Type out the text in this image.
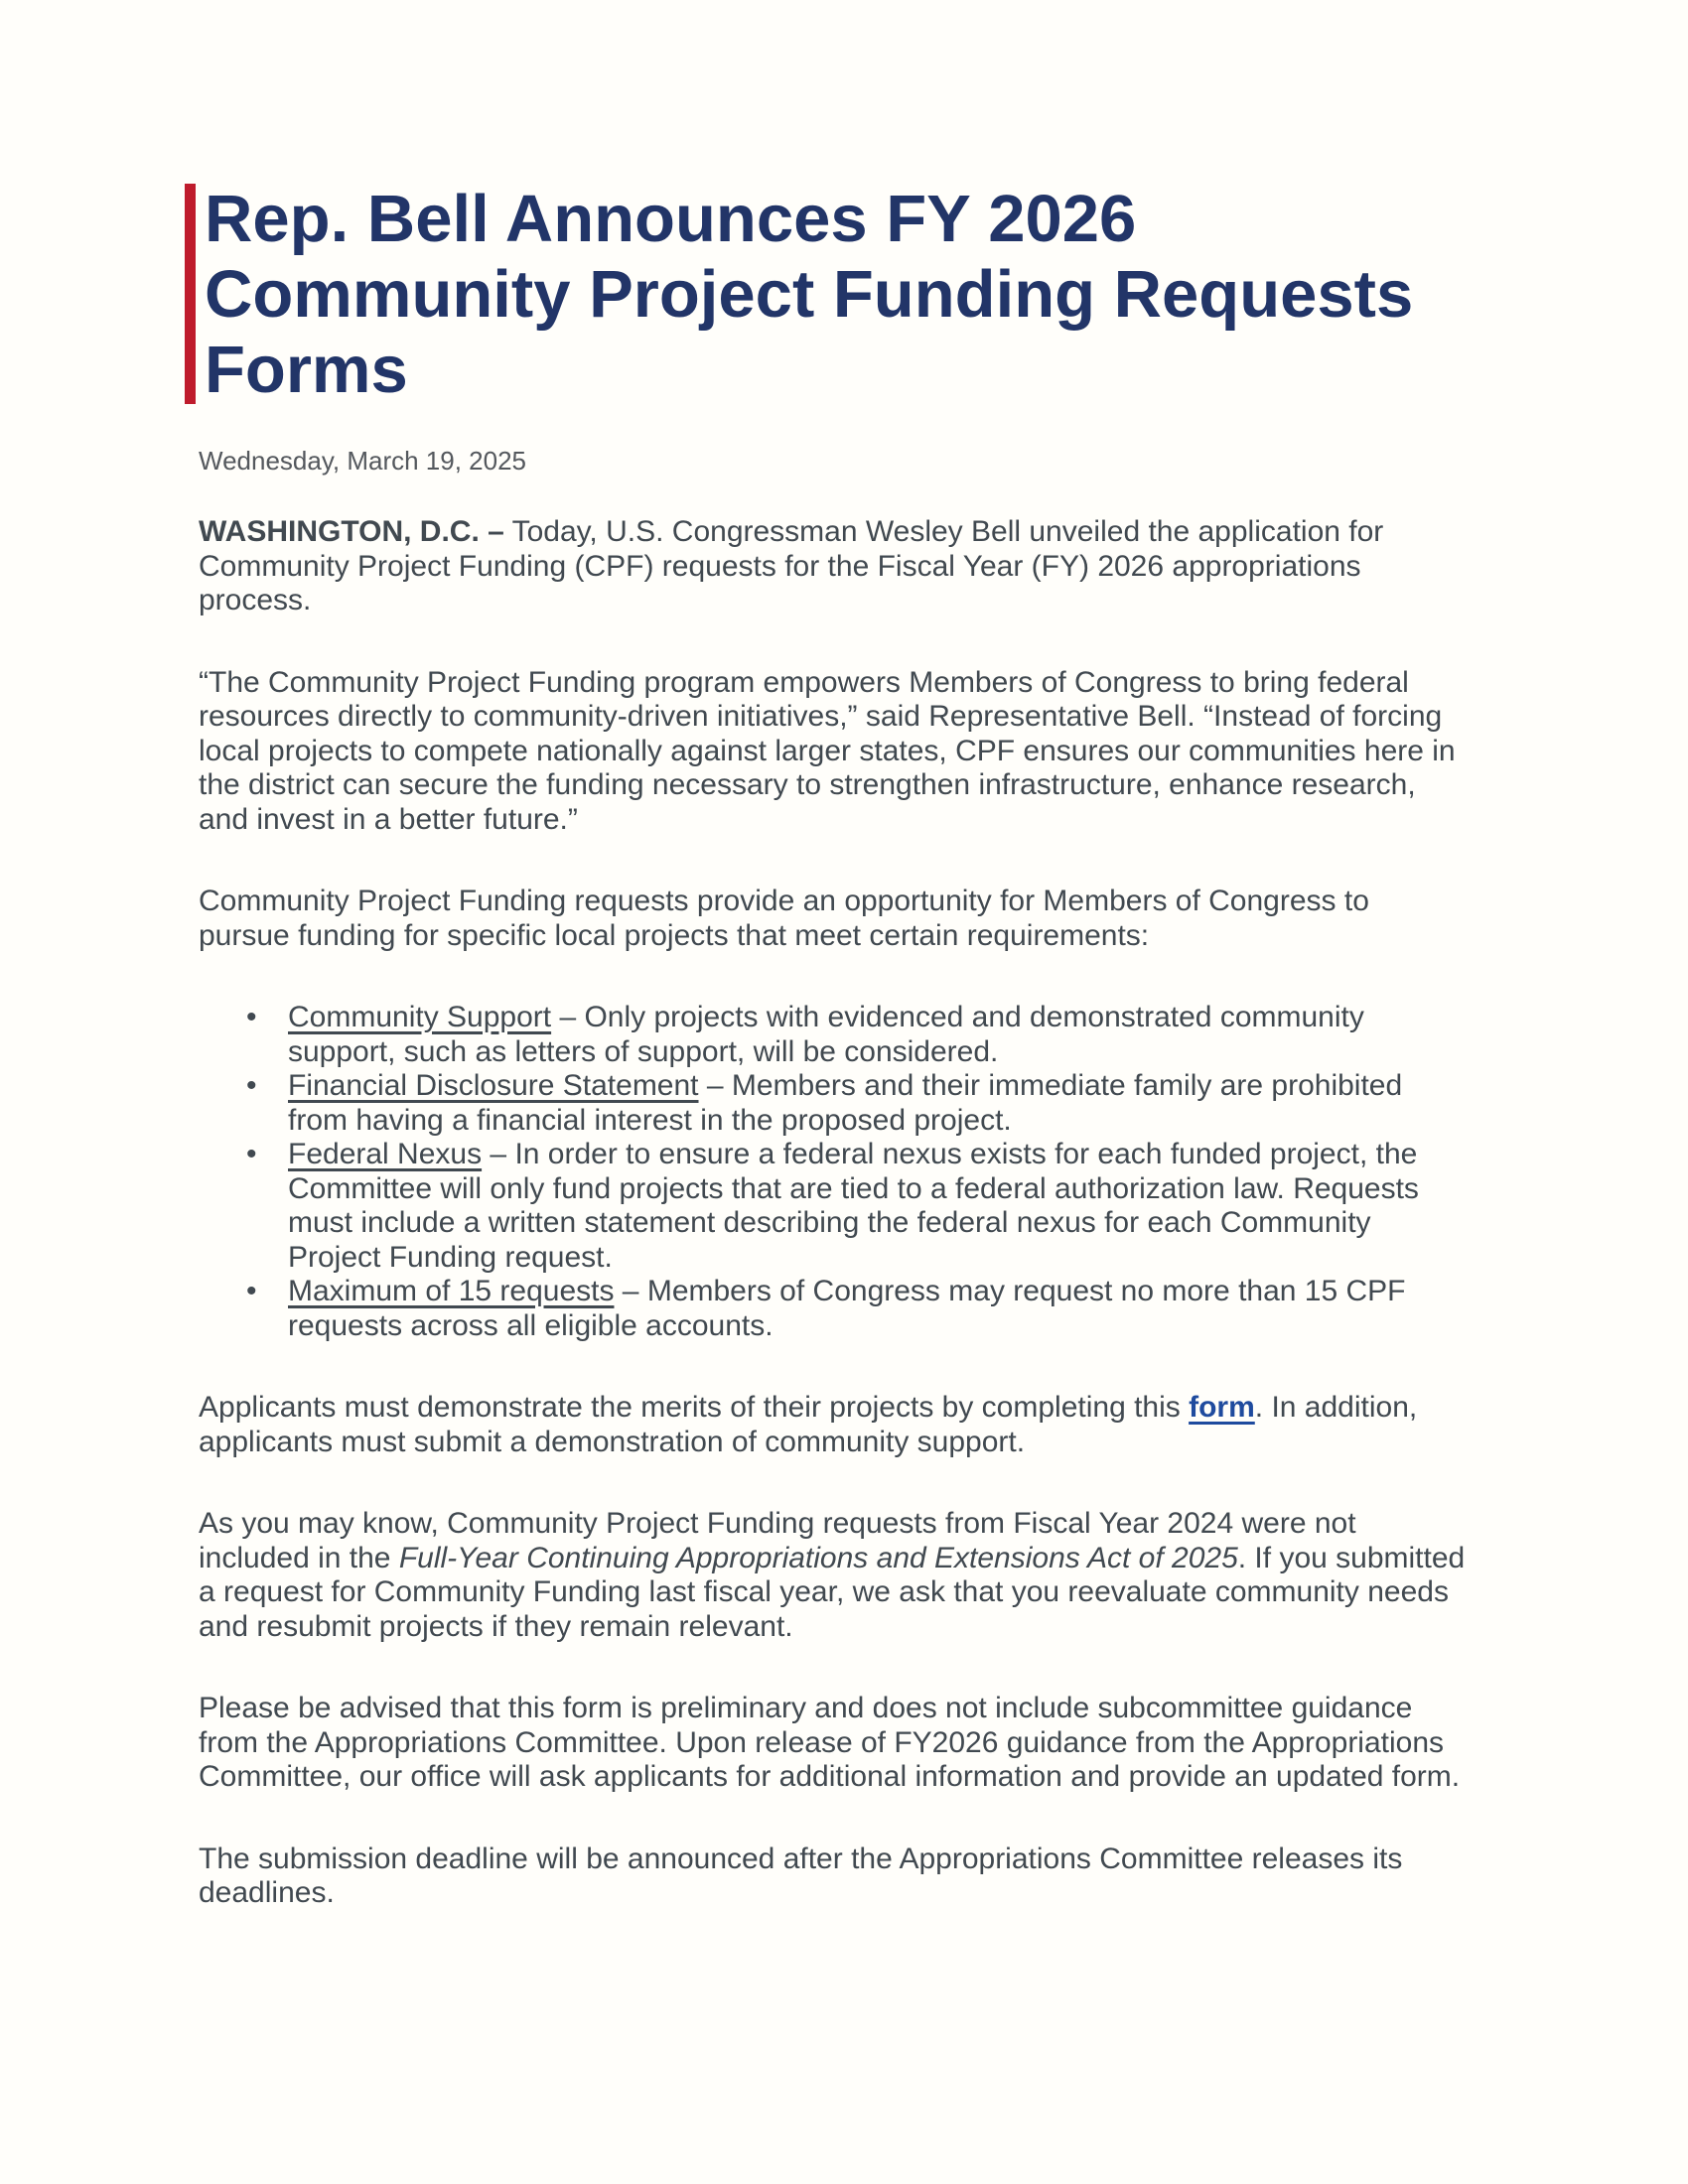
Rep. Bell Announces FY 2026 Community Project Funding Requests Forms
Wednesday, March 19, 2025

WASHINGTON, D.C. – Today, U.S. Congressman Wesley Bell unveiled the application for Community Project Funding (CPF) requests for the Fiscal Year (FY) 2026 appropriations process.

“The Community Project Funding program empowers Members of Congress to bring federal resources directly to community-driven initiatives,” said Representative Bell. “Instead of forcing local projects to compete nationally against larger states, CPF ensures our communities here in the district can secure the funding necessary to strengthen infrastructure, enhance research, and invest in a better future.”

Community Project Funding requests provide an opportunity for Members of Congress to pursue funding for specific local projects that meet certain requirements:

• Community Support – Only projects with evidenced and demonstrated community support, such as letters of support, will be considered.
• Financial Disclosure Statement – Members and their immediate family are prohibited from having a financial interest in the proposed project.
• Federal Nexus – In order to ensure a federal nexus exists for each funded project, the Committee will only fund projects that are tied to a federal authorization law. Requests must include a written statement describing the federal nexus for each Community Project Funding request.
• Maximum of 15 requests – Members of Congress may request no more than 15 CPF requests across all eligible accounts.

Applicants must demonstrate the merits of their projects by completing this form. In addition, applicants must submit a demonstration of community support.

As you may know, Community Project Funding requests from Fiscal Year 2024 were not included in the Full-Year Continuing Appropriations and Extensions Act of 2025. If you submitted a request for Community Funding last fiscal year, we ask that you reevaluate community needs and resubmit projects if they remain relevant.

Please be advised that this form is preliminary and does not include subcommittee guidance from the Appropriations Committee. Upon release of FY2026 guidance from the Appropriations Committee, our office will ask applicants for additional information and provide an updated form.

The submission deadline will be announced after the Appropriations Committee releases its deadlines.
